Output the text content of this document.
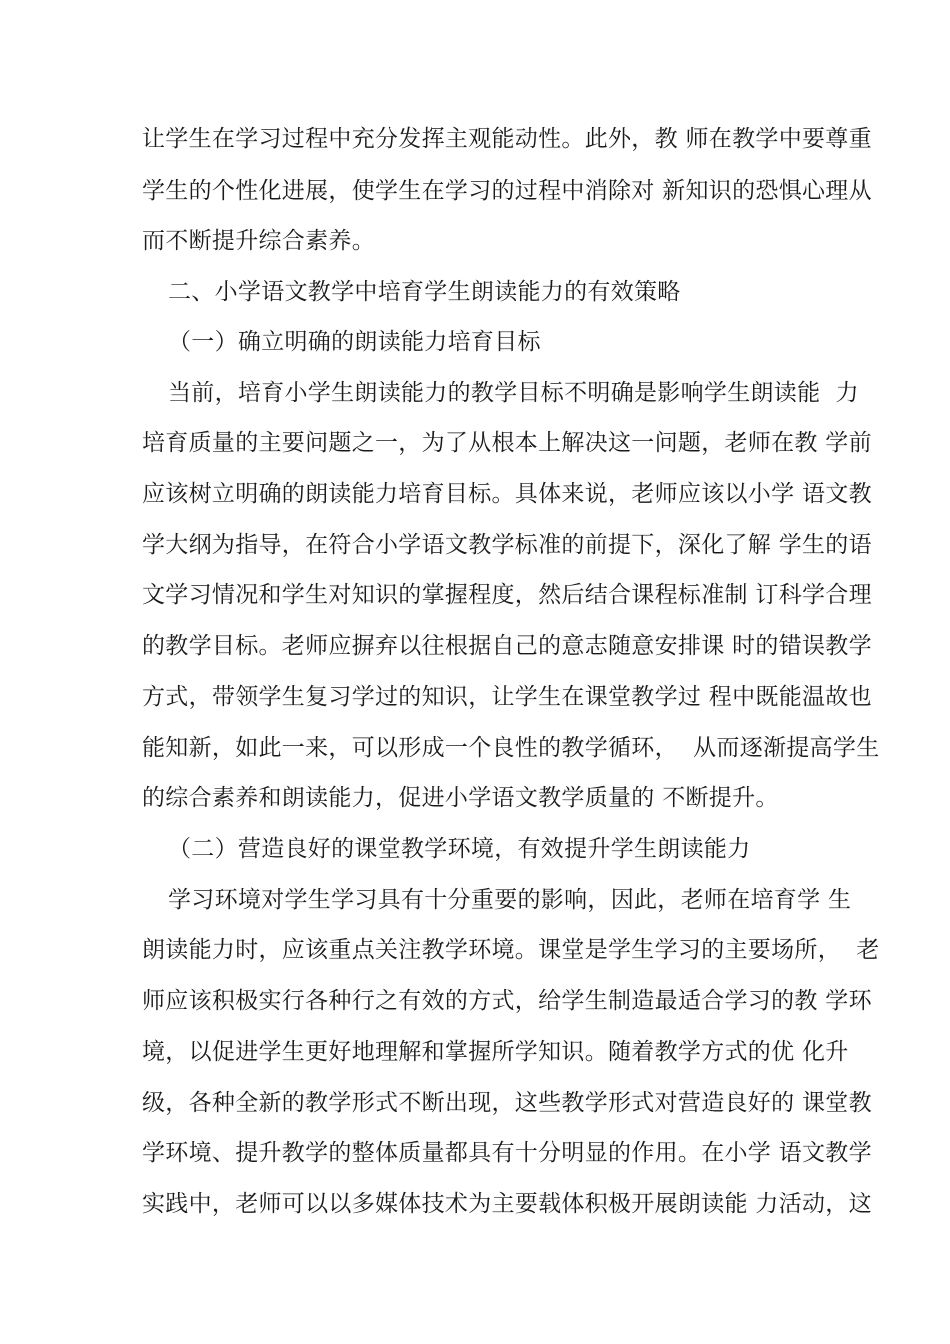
让学生在学习过程中充分发挥主观能动性。此外，教 师在教学中要尊重
学生的个性化进展，使学生在学习的过程中消除对 新知识的恐惧心理从
而不断提升综合素养。
二、小学语文教学中培育学生朗读能力的有效策略
（一）确立明确的朗读能力培育目标
当前，培育小学生朗读能力的教学目标不明确是影响学生朗读能  力
培育质量的主要问题之一，为了从根本上解决这一问题，老师在教 学前
应该树立明确的朗读能力培育目标。具体来说，老师应该以小学 语文教
学大纲为指导，在符合小学语文教学标准的前提下，深化了解 学生的语
文学习情况和学生对知识的掌握程度，然后结合课程标准制 订科学合理
的教学目标。老师应摒弃以往根据自己的意志随意安排课 时的错误教学
方式，带领学生复习学过的知识，让学生在课堂教学过 程中既能温故也
能知新，如此一来，可以形成一个良性的教学循环，  从而逐渐提高学生
的综合素养和朗读能力，促进小学语文教学质量的 不断提升。
（二）营造良好的课堂教学环境，有效提升学生朗读能力
学习环境对学生学习具有十分重要的影响，因此，老师在培育学 生
朗读能力时，应该重点关注教学环境。课堂是学生学习的主要场所，  老
师应该积极实行各种行之有效的方式，给学生制造最适合学习的教 学环
境，以促进学生更好地理解和掌握所学知识。随着教学方式的优 化升
级，各种全新的教学形式不断出现，这些教学形式对营造良好的 课堂教
学环境、提升教学的整体质量都具有十分明显的作用。在小学 语文教学
实践中，老师可以以多媒体技术为主要载体积极开展朗读能 力活动，这
